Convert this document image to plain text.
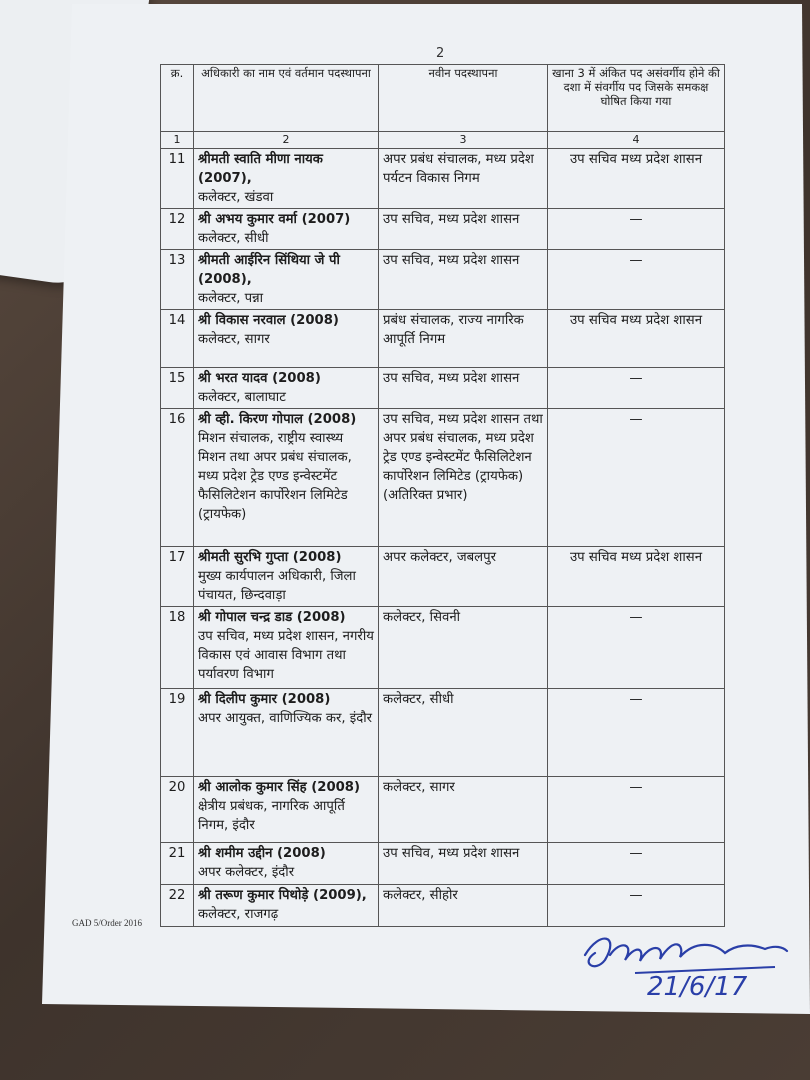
2
क्र.	अधिकारी का नाम एवं वर्तमान पदस्थापना	नवीन पदस्थापना	खाना 3 में अंकित पद असंवर्गीय होने की दशा में संवर्गीय पद जिसके समकक्ष घोषित किया गया
1	2	3	4
11	श्रीमती स्वाति मीणा नायक (2007),
कलेक्टर, खंडवा	अपर प्रबंध संचालक, मध्य प्रदेश पर्यटन विकास निगम	उप सचिव मध्य प्रदेश शासन
12	श्री अभय कुमार वर्मा (2007)
कलेक्टर, सीधी	उप सचिव, मध्य प्रदेश शासन	—
13	श्रीमती आईरिन सिंथिया जे पी (2008),
कलेक्टर, पन्ना	उप सचिव, मध्य प्रदेश शासन	—
14	श्री विकास नरवाल (2008)
कलेक्टर, सागर	प्रबंध संचालक, राज्य नागरिक आपूर्ति निगम	उप सचिव मध्य प्रदेश शासन
15	श्री भरत यादव (2008)
कलेक्टर, बालाघाट	उप सचिव, मध्य प्रदेश शासन	—
16	श्री व्ही. किरण गोपाल (2008)
मिशन संचालक, राष्ट्रीय स्वास्थ्य मिशन तथा अपर प्रबंध संचालक, मध्य प्रदेश ट्रेड एण्ड इन्वेस्टमेंट फैसिलिटेशन कार्पोरेशन लिमिटेड (ट्रायफेक)	उप सचिव, मध्य प्रदेश शासन तथा अपर प्रबंध संचालक, मध्य प्रदेश ट्रेड एण्ड इन्वेस्टमेंट फैसिलिटेशन कार्पोरेशन लिमिटेड (ट्रायफेक)(अतिरिक्त प्रभार)	—
17	श्रीमती सुरभि गुप्ता (2008)
मुख्य कार्यपालन अधिकारी, जिला पंचायत, छिन्दवाड़ा	अपर कलेक्टर, जबलपुर	उप सचिव मध्य प्रदेश शासन
18	श्री गोपाल चन्द्र डाड (2008)
उप सचिव, मध्य प्रदेश शासन, नगरीय विकास एवं आवास विभाग तथा पर्यावरण विभाग	कलेक्टर, सिवनी	—
19	श्री दिलीप कुमार (2008)
अपर आयुक्त, वाणिज्यिक कर, इंदौर	कलेक्टर, सीधी	—
20	श्री आलोक कुमार सिंह (2008)
क्षेत्रीय प्रबंधक, नागरिक आपूर्ति निगम, इंदौर	कलेक्टर, सागर	—
21	श्री शमीम उद्दीन (2008)
अपर कलेक्टर, इंदौर	उप सचिव, मध्य प्रदेश शासन	—
22	श्री तरूण कुमार पिथोड़े (2009),
कलेक्टर, राजगढ़	कलेक्टर, सीहोर	—
GAD 5/Order 2016
21/6/17
